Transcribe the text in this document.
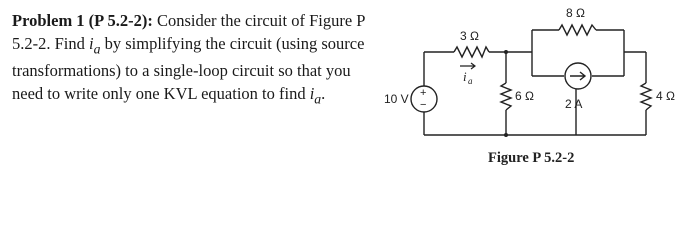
Problem 1 (P 5.2-2): Consider the circuit of Figure P 5.2-2. Find $i_a$ by simplifying the circuit (using source transformations) to a single-loop circuit so that you need to write only one KVL equation to find $i_a$.
3 Ω
8 Ω
6 Ω	4 Ω
+
−
10 V	2 A
i a
Figure P 5.2-2
